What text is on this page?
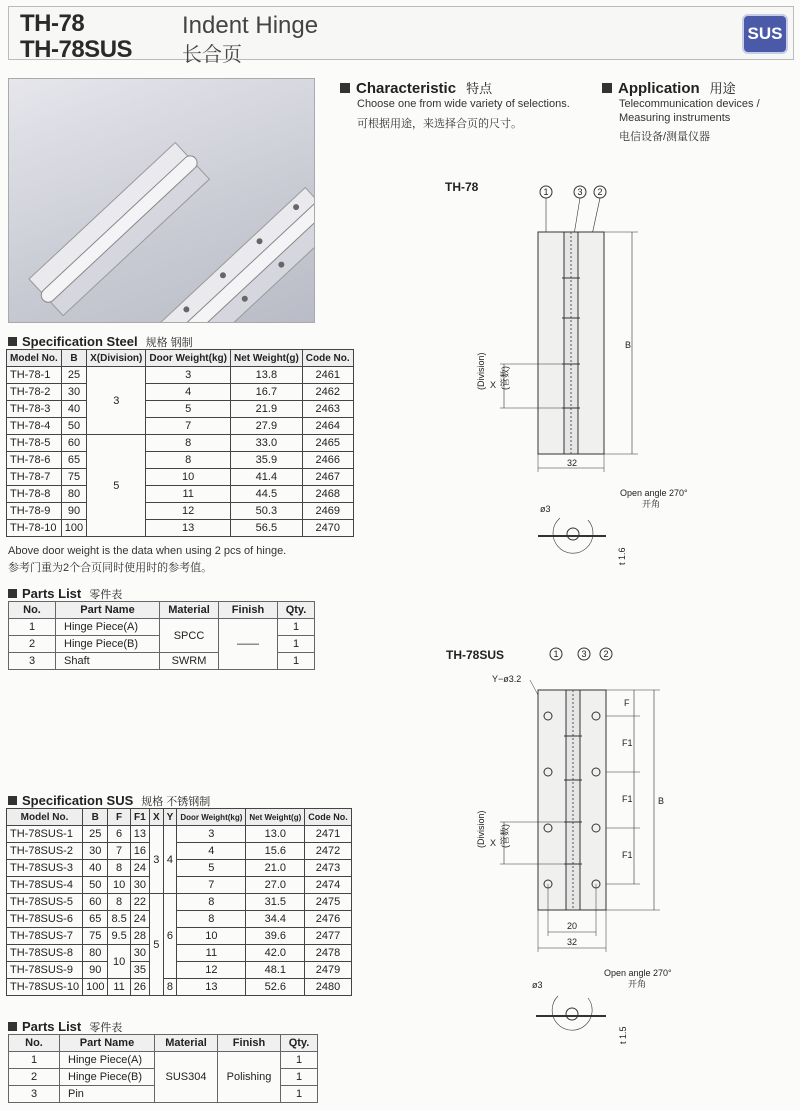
TH-78
TH-78SUS
Indent Hinge
长合页
SUS
Characteristic 特点
Choose one from wide variety of selections.
可根据用途，来选择合页的尺寸。
Application 用途
Telecommunication devices /
Measuring instruments
电信设备/测量仪器
Specification Steel 规格 钢制
Model No.	B	X(Division)	Door Weight(kg)	Net Weight(g)	Code No.
TH-78-1	25	3	3	13.8	2461
TH-78-2	30		4	16.7	2462
TH-78-3	40		5	21.9	2463
TH-78-4	50		7	27.9	2464
TH-78-5	60	5	8	33.0	2465
TH-78-6	65		8	35.9	2466
TH-78-7	75		10	41.4	2467
TH-78-8	80		11	44.5	2468
TH-78-9	90		12	50.3	2469
TH-78-10	100		13	56.5	2470
Above door weight is the data when using 2 pcs of hinge.
参考门重为2个合页同时使用时的参考值。
Parts List 零件表
No.	Part Name	Material	Finish	Qty.
1	Hinge Piece(A)	SPCC	——	1
2	Hinge Piece(B)			1
3	Shaft	SWRM		1
Specification SUS 规格 不锈钢制
Model No.	B	F	F1	X	Y	Door Weight(kg)	Net Weight(g)	Code No.
TH-78SUS-1	25	6	13	3	4	3	13.0	2471
TH-78SUS-2	30	7	16			4	15.6	2472
TH-78SUS-3	40	8	24			5	21.0	2473
TH-78SUS-4	50	10	30			7	27.0	2474
TH-78SUS-5	60	8	22	5	6	8	31.5	2475
TH-78SUS-6	65	8.5	24			8	34.4	2476
TH-78SUS-7	75	9.5	28			10	39.6	2477
TH-78SUS-8	80	10	30			11	42.0	2478
TH-78SUS-9	90		35			12	48.1	2479
TH-78SUS-10	100	11	26		8	13	52.6	2480
Parts List 零件表
No.	Part Name	Material	Finish	Qty.
1	Hinge Piece(A)	SUS304	Polishing	1
2	Hinge Piece(B)			1
3	Pin			1
TH-78	1	3 2
B
X
(Division) (管数)
32
Open angle 270°
开角
ø3
t 1.6
TH-78SUS	1	3 2
Y−ø3.2
F
F1
F1
F1
B
X
(Division) (管数)
20
32
Open angle 270°
开角
ø3
t 1.5
